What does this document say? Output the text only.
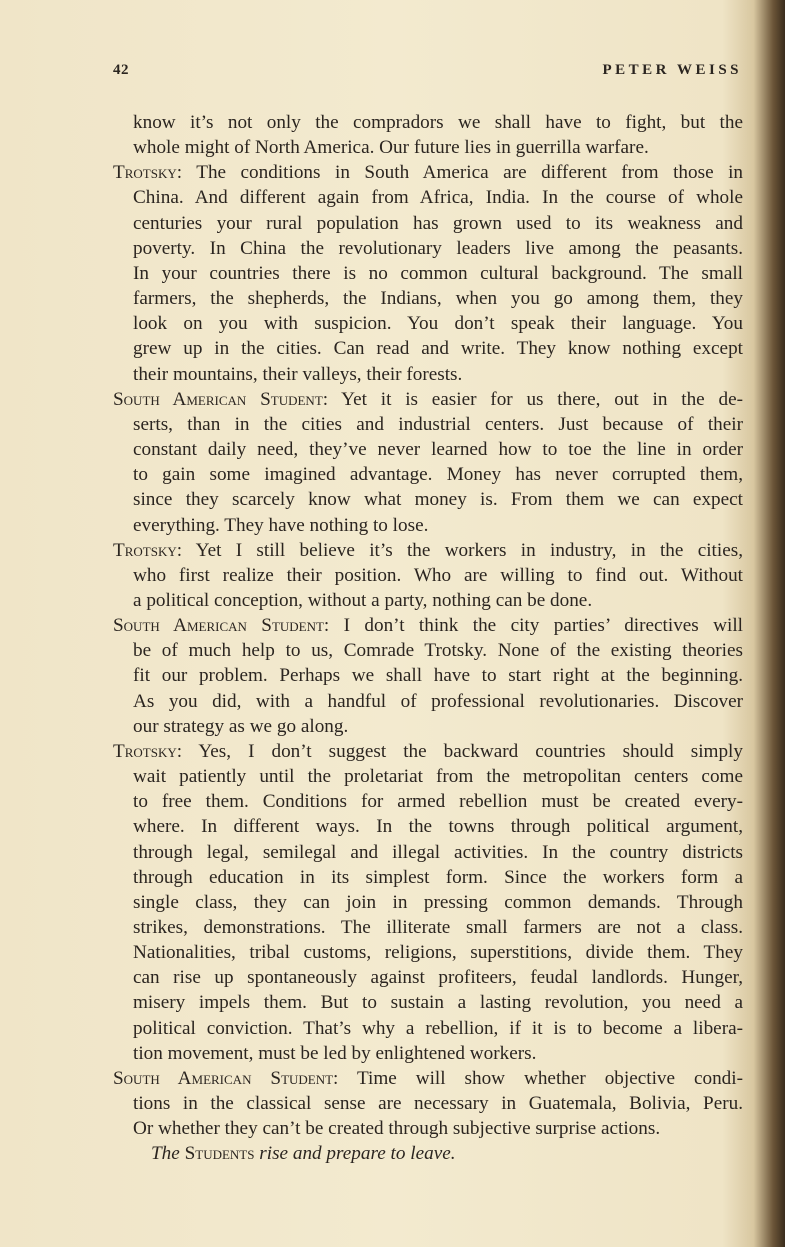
42	PETER WEISS
know it’s not only the compradors we shall have to fight, but the
whole might of North America. Our future lies in guerrilla warfare.
Trotsky: The conditions in South America are different from those in
China. And different again from Africa, India. In the course of whole
centuries your rural population has grown used to its weakness and
poverty. In China the revolutionary leaders live among the peasants.
In your countries there is no common cultural background. The small
farmers, the shepherds, the Indians, when you go among them, they
look on you with suspicion. You don’t speak their language. You
grew up in the cities. Can read and write. They know nothing except
their mountains, their valleys, their forests.
South American Student: Yet it is easier for us there, out in the de-
serts, than in the cities and industrial centers. Just because of their
constant daily need, they’ve never learned how to toe the line in order
to gain some imagined advantage. Money has never corrupted them,
since they scarcely know what money is. From them we can expect
everything. They have nothing to lose.
Trotsky: Yet I still believe it’s the workers in industry, in the cities,
who first realize their position. Who are willing to find out. Without
a political conception, without a party, nothing can be done.
South American Student: I don’t think the city parties’ directives will
be of much help to us, Comrade Trotsky. None of the existing theories
fit our problem. Perhaps we shall have to start right at the beginning.
As you did, with a handful of professional revolutionaries. Discover
our strategy as we go along.
Trotsky: Yes, I don’t suggest the backward countries should simply
wait patiently until the proletariat from the metropolitan centers come
to free them. Conditions for armed rebellion must be created every-
where. In different ways. In the towns through political argument,
through legal, semilegal and illegal activities. In the country districts
through education in its simplest form. Since the workers form a
single class, they can join in pressing common demands. Through
strikes, demonstrations. The illiterate small farmers are not a class.
Nationalities, tribal customs, religions, superstitions, divide them. They
can rise up spontaneously against profiteers, feudal landlords. Hunger,
misery impels them. But to sustain a lasting revolution, you need a
political conviction. That’s why a rebellion, if it is to become a libera-
tion movement, must be led by enlightened workers.
South American Student: Time will show whether objective condi-
tions in the classical sense are necessary in Guatemala, Bolivia, Peru.
Or whether they can’t be created through subjective surprise actions.
The Students rise and prepare to leave.
